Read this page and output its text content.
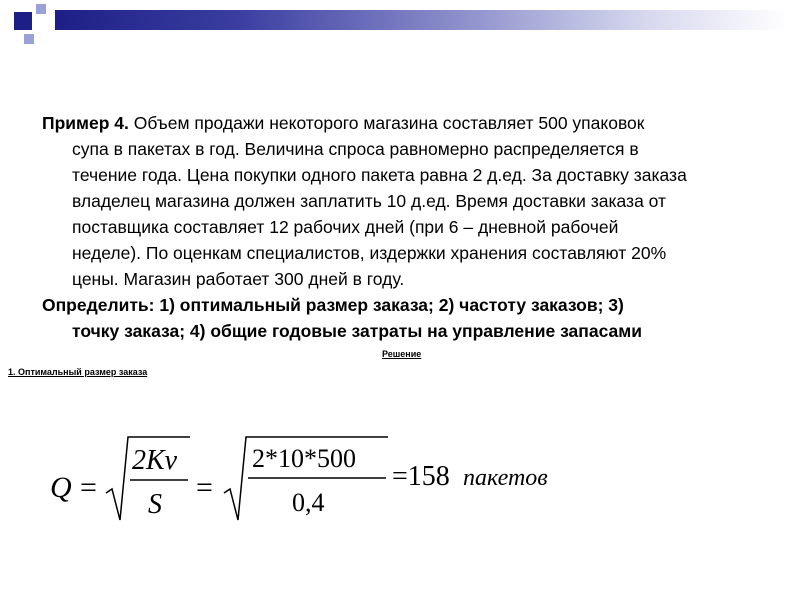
Пример 4. Объем продажи некоторого магазина составляет 500 упаковок
супа в пакетах в год. Величина спроса равномерно распределяется в
течение года. Цена покупки одного пакета равна 2 д.ед. За доставку заказа
владелец магазина должен заплатить 10 д.ед. Время доставки заказа от
поставщика составляет 12 рабочих дней (при 6 – дневной рабочей
неделе). По оценкам специалистов, издержки хранения составляют 20%
цены. Магазин работает 300 дней в году.
Определить: 1) оптимальный размер заказа; 2) частоту заказов; 3)
точку заказа; 4) общие годовые затраты на управление запасами
Решение
1. Оптимальный размер заказа
Q =
2Kv
S
=
2*10*500
0,4
=158 пакетов
